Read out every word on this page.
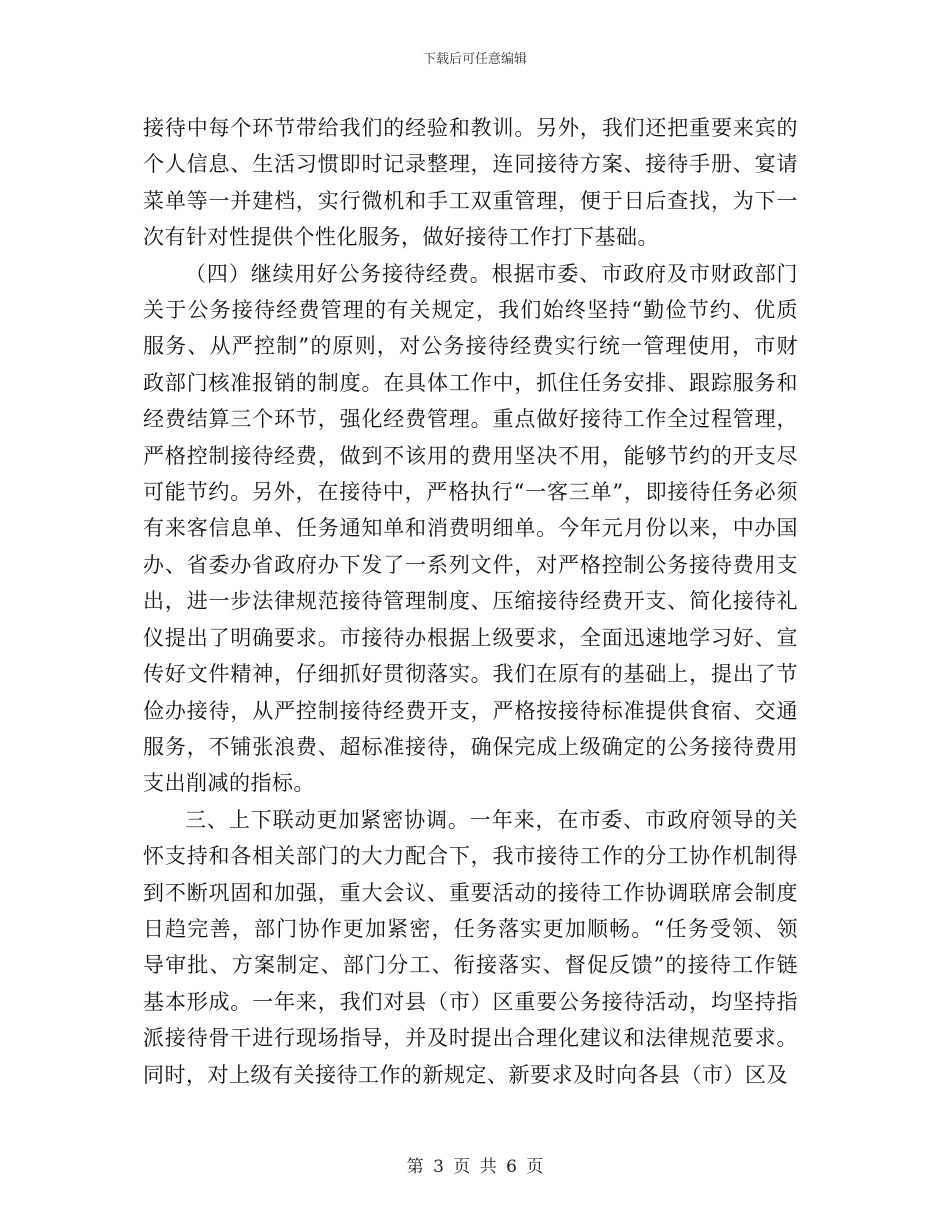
下载后可任意编辑

接待中每个环节带给我们的经验和教训。另外，我们还把重要来宾的个人信息、生活习惯即时记录整理，连同接待方案、接待手册、宴请菜单等一并建档，实行微机和手工双重管理，便于日后查找，为下一次有针对性提供个性化服务，做好接待工作打下基础。

（四）继续用好公务接待经费。根据市委、市政府及市财政部门关于公务接待经费管理的有关规定，我们始终坚持“勤俭节约、优质服务、从严控制”的原则，对公务接待经费实行统一管理使用，市财政部门核准报销的制度。在具体工作中，抓住任务安排、跟踪服务和经费结算三个环节，强化经费管理。重点做好接待工作全过程管理，严格控制接待经费，做到不该用的费用坚决不用，能够节约的开支尽可能节约。另外，在接待中，严格执行“一客三单”，即接待任务必须有来客信息单、任务通知单和消费明细单。今年元月份以来，中办国办、省委办省政府办下发了一系列文件，对严格控制公务接待费用支出，进一步法律规范接待管理制度、压缩接待经费开支、简化接待礼仪提出了明确要求。市接待办根据上级要求，全面迅速地学习好、宣传好文件精神，仔细抓好贯彻落实。我们在原有的基础上，提出了节俭办接待，从严控制接待经费开支，严格按接待标准提供食宿、交通服务，不铺张浪费、超标准接待，确保完成上级确定的公务接待费用支出削减的指标。

三、上下联动更加紧密协调。一年来，在市委、市政府领导的关怀支持和各相关部门的大力配合下，我市接待工作的分工协作机制得到不断巩固和加强，重大会议、重要活动的接待工作协调联席会制度日趋完善，部门协作更加紧密，任务落实更加顺畅。“任务受领、领导审批、方案制定、部门分工、衔接落实、督促反馈”的接待工作链基本形成。一年来，我们对县（市）区重要公务接待活动，均坚持指派接待骨干进行现场指导，并及时提出合理化建议和法律规范要求。同时，对上级有关接待工作的新规定、新要求及时向各县（市）区及

第 3 页 共 6 页
